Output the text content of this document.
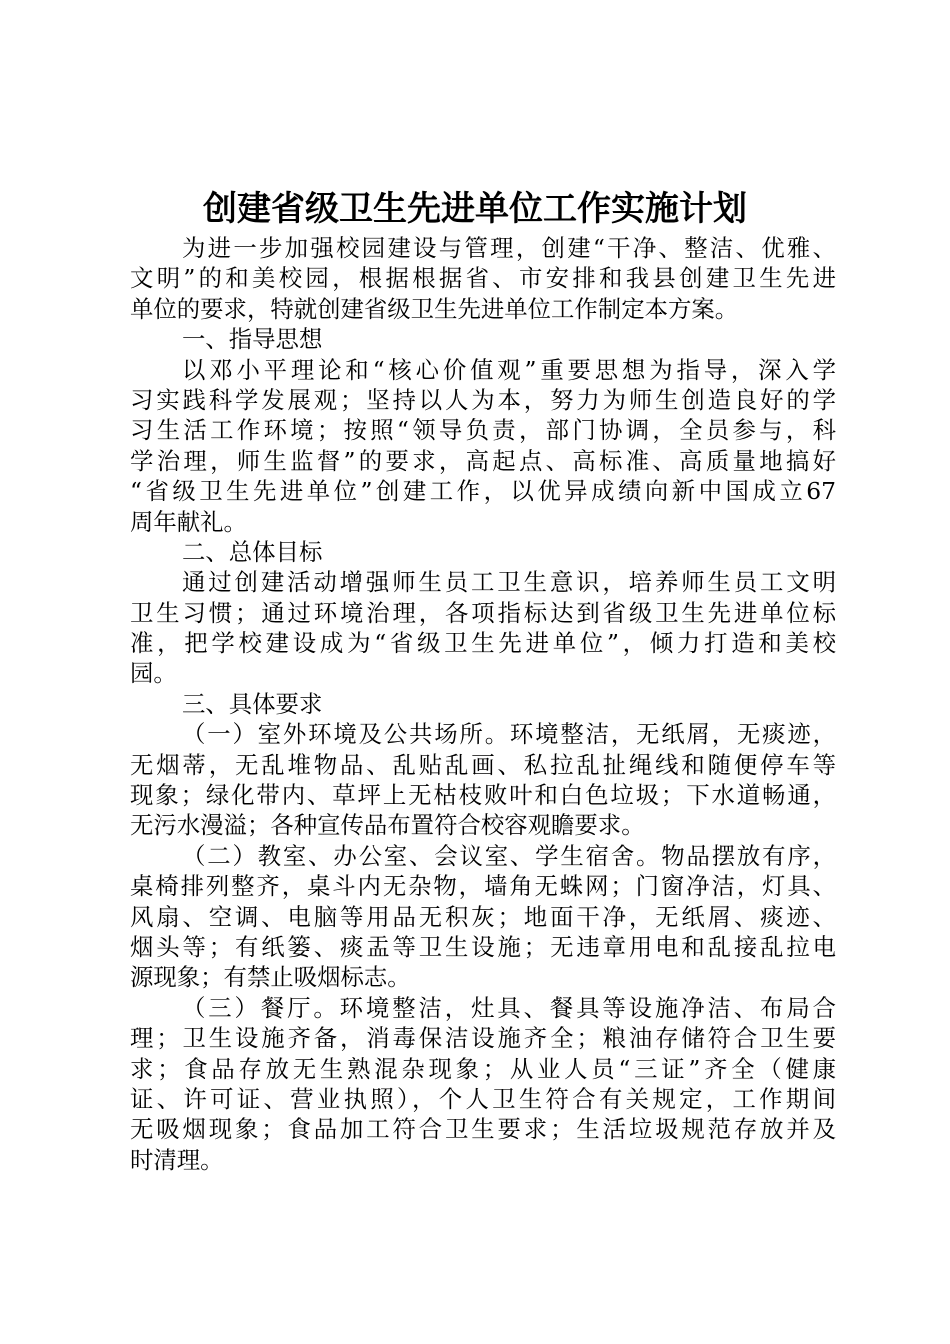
创建省级卫生先进单位工作实施计划
为进一步加强校园建设与管理，创建“干净、整洁、优雅、
文明”的和美校园，根据根据省、市安排和我县创建卫生先进
单位的要求，特就创建省级卫生先进单位工作制定本方案。
一、指导思想
以邓小平理论和“核心价值观”重要思想为指导，深入学
习实践科学发展观；坚持以人为本，努力为师生创造良好的学
习生活工作环境；按照“领导负责，部门协调，全员参与，科
学治理，师生监督”的要求，高起点、高标准、高质量地搞好
“省级卫生先进单位”创建工作，以优异成绩向新中国成立67
周年献礼。
二、总体目标
通过创建活动增强师生员工卫生意识，培养师生员工文明
卫生习惯；通过环境治理，各项指标达到省级卫生先进单位标
准，把学校建设成为“省级卫生先进单位”，倾力打造和美校
园。
三、具体要求
（一）室外环境及公共场所。环境整洁，无纸屑，无痰迹，
无烟蒂，无乱堆物品、乱贴乱画、私拉乱扯绳线和随便停车等
现象；绿化带内、草坪上无枯枝败叶和白色垃圾；下水道畅通，
无污水漫溢；各种宣传品布置符合校容观瞻要求。
（二）教室、办公室、会议室、学生宿舍。物品摆放有序，
桌椅排列整齐，桌斗内无杂物，墙角无蛛网；门窗净洁，灯具、
风扇、空调、电脑等用品无积灰；地面干净，无纸屑、痰迹、
烟头等；有纸篓、痰盂等卫生设施；无违章用电和乱接乱拉电
源现象；有禁止吸烟标志。
（三）餐厅。环境整洁，灶具、餐具等设施净洁、布局合
理；卫生设施齐备，消毒保洁设施齐全；粮油存储符合卫生要
求；食品存放无生熟混杂现象；从业人员“三证”齐全（健康
证、许可证、营业执照），个人卫生符合有关规定，工作期间
无吸烟现象；食品加工符合卫生要求；生活垃圾规范存放并及
时清理。
